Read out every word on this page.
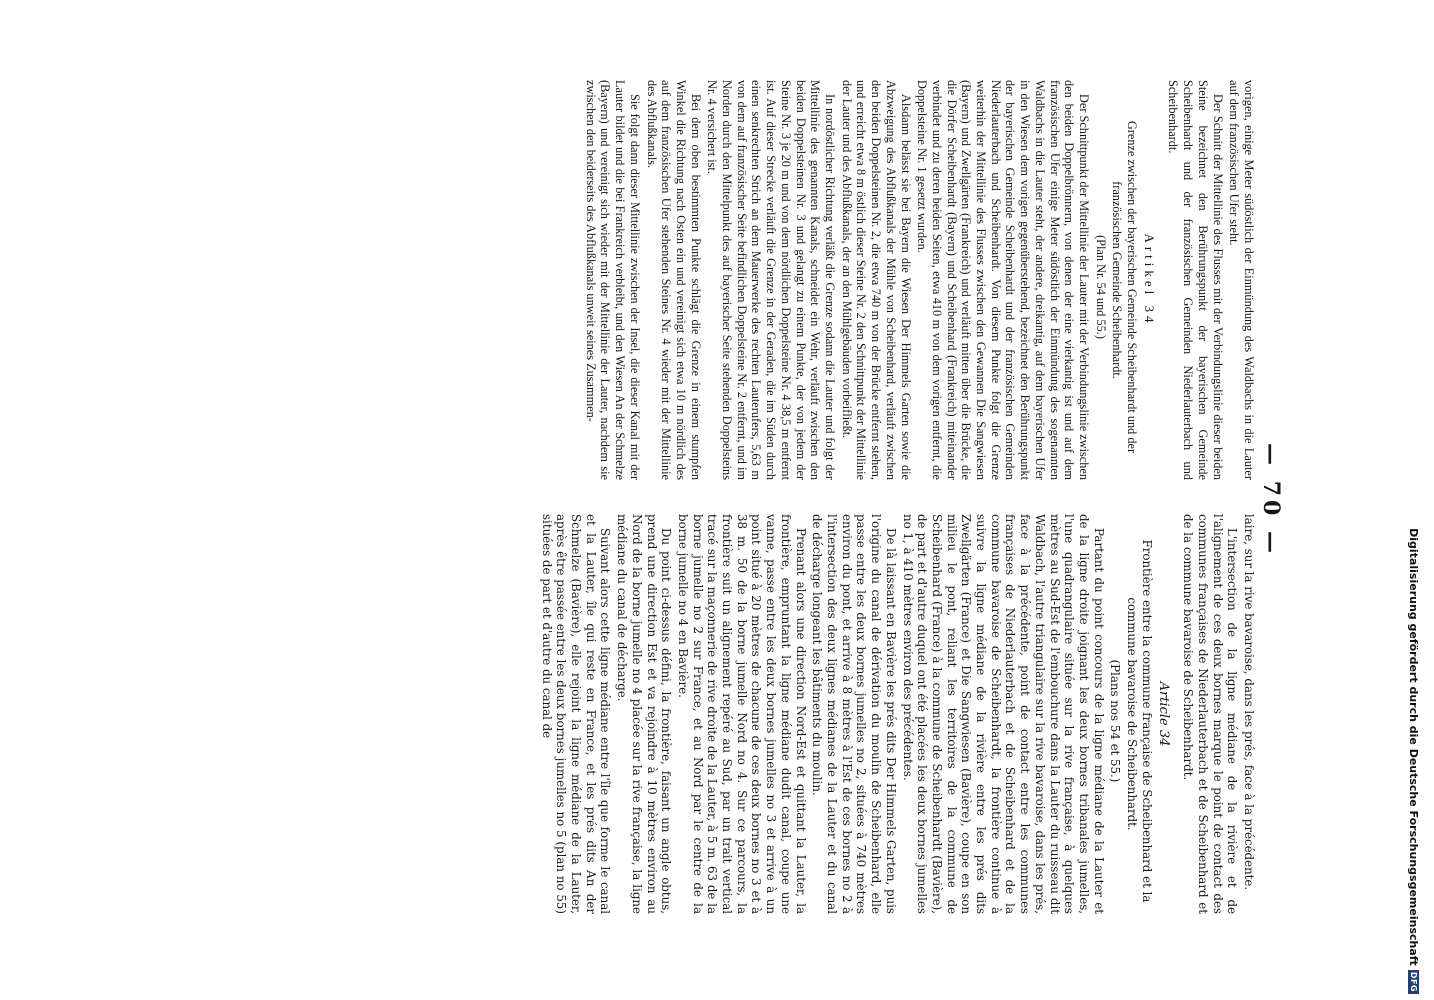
Digitalisierung gefördert durch die Deutsche Forschungsgemeinschaft
DFG
— 70 —

vorigen, einige Meter südöstlich der Einmündung des Waldbachs in die Lauter auf dem französischen Ufer steht.

Der Schnitt der Mittellinie des Flusses mit der Verbindungslinie dieser beiden Steine bezeichnet den Berührungspunkt der bayerischen Gemeinde Scheibenhardt und der französischen Gemeinden Niederlauterbach und Scheibenhardt.

Artikel 34

Grenze zwischen der bayerischen Gemeinde Scheibenhardt und der französischen Gemeinde Scheibenhardt.

(Plan Nr. 54 und 55.)

Der Schnittpunkt der Mittellinie der Lauter mit der Verbindungslinie zwischen den beiden Doppelbrönnern, von denen der eine vierkantig ist und auf dem französischen Ufer einige Meter südöstlich der Einmündung des sogenannten Waldbachs in die Lauter steht, der andere, dreikantig, auf dem bayerischen Ufer in den Wiesen dem vorigen gegenüberstehend, bezeichnet den Berührungspunkt der bayerischen Gemeinde Scheibenhardt und der französischen Gemeinden Niederlauterbach und Scheibenhardt. Von diesem Punkte folgt die Grenze weiterhin der Mittellinie des Flusses zwischen den Gewannen Die Sangwiesen (Bayern) und Zwellgärten (Frankreich) und verläuft mitten über die Brücke, die die Dörfer Scheibenhardt (Bayern) und Scheibenhard (Frankreich) miteinander verbindet und zu deren beiden Seiten, etwa 410 m von dem vorigen entfernt, die Doppelsteine Nr. 1 gesetzt wurden.

Alsdann belässt sie bei Bayern die Wiesen Der Himmels Garten sowie die Abzweigung des Abflußkanals der Mühle von Scheibenhard, verläuft zwischen den beiden Doppelsteinen Nr. 2, die etwa 740 m von der Brücke entfernt stehen, und erreicht etwa 8 m östlich dieser Steine Nr. 2 den Schnittpunkt der Mittellinie der Lauter und des Abflußkanals, der an den Mühlgebäuden vorbeifließt.

In nordöstlicher Richtung verläßt die Grenze sodann die Lauter und folgt der Mittellinie des genannten Kanals, schneidet ein Wehr, verläuft zwischen den beiden Doppelsteinen Nr. 3 und gelangt zu einem Punkte, der von jedem der Steine Nr. 3 je 20 m und von dem nördlichen Doppelsteine Nr. 4 38,5 m entfernt ist. Auf dieser Strecke verläuft die Grenze in der Geraden, die im Süden durch einen senkrechten Strich an dem Mauerwerke des rechten Lauterufers, 5,63 m von dem auf französischer Seite befindlichen Doppelsteine Nr. 2 entfernt, und im Norden durch den Mittelpunkt des auf bayerischer Seite stehenden Doppelsteins Nr. 4 versichert ist.

Bei dem oben bestimmten Punkte schlägt die Grenze in einem stumpfen Winkel die Richtung nach Osten ein und vereinigt sich etwa 10 m nördlich des auf dem französischen Ufer stehenden Steines Nr. 4 wieder mit der Mittellinie des Abflußkanals.

Sie folgt dann dieser Mittellinie zwischen der Insel, die dieser Kanal mit der Lauter bildet und die bei Frankreich verbleibt, und den Wiesen An der Schmelze (Bayern) und vereinigt sich wieder mit der Mittellinie der Lauter, nachdem sie zwischen den beiderseits des Abflußkanals unweit seines Zusammen-

laire, sur la rive bavaroise, dans les prés, face à la précédente.

L'intersection de la ligne médiane de la rivière et de l'alignement de ces deux bornes marque le point de contact des communes françaises de Niederlauterbach et de Scheibenhard et de la commune bavaroise de Scheibenhardt.

Article 34

Frontière entre la commune française de Scheibenhard et la commune bavaroise de Scheibenhardt.

(Plans nos 54 et 55.)

Partant du point concours de la ligne médiane de la Lauter et de la ligne droite joignant les deux bornes tribanales jumelles, l'une quadrangulaire située sur la rive française, à quelques mètres au Sud-Est de l'embouchure dans la Lauter du ruisseau dit Waldbach, l'autre triangulaire sur la rive bavaroise, dans les prés, face à la précédente, point de contact entre les communes françaises de Niederlauterbach et de Scheibenhard et de la commune bavaroise de Scheibenhardt, la frontière continue à suivre la ligne médiane de la rivière entre les prés dits Zwellgärten (France) et Die Sangwiesen (Bavière), coupe en son milieu le pont, reliant les territoires de la commune de Scheibenhard (France) à la commune de Scheibenhardt (Bavière), de part et d'autre duquel ont été placées les deux bornes jumelles no 1, à 410 mètres environ des précédentes.

De là laissant en Bavière les prés dits Der Himmels Garten, puis l'origine du canal de dérivation du moulin de Scheibenhard, elle passe entre les deux bornes jumelles no 2, situées à 740 mètres environ du pont, et arrive à 8 mètres à l'Est de ces bornes no 2 à l'intersection des deux lignes médianes de la Lauter et du canal de décharge longeant les bâtiments du moulin.

Prenant alors une direction Nord-Est et quittant la Lauter, la frontière, empruntant la ligne médiane dudit canal, coupe une vanne, passe entre les deux bornes jumelles no 3 et arrive à un point situé à 20 mètres de chacune de ces deux bornes no 3 et à 38 m. 50 de la borne jumelle Nord no 4. Sur ce parcours, la frontière suit un alignement repéré au Sud, par un trait vertical tracé sur la maçonnerie de rive droite de la Lauter, à 5 m. 63 de la borne jumelle no 2 sur France, et au Nord par le centre de la borne jumelle no 4 en Bavière.

Du point ci-dessus défini, la frontière, faisant un angle obtus, prend une direction Est et va rejoindre à 10 mètres environ au Nord de la borne jumelle no 4 placée sur la rive française, la ligne médiane du canal de décharge.

Suivant alors cette ligne médiane entre l'île que forme le canal et la Lauter, île qui reste en France, et les prés dits An der Schmelze (Bavière), elle rejoint la ligne médiane de la Lauter, après être passée entre les deux bornes jumelles no 5 (plan no 55) situées de part et d'autre du canal de
